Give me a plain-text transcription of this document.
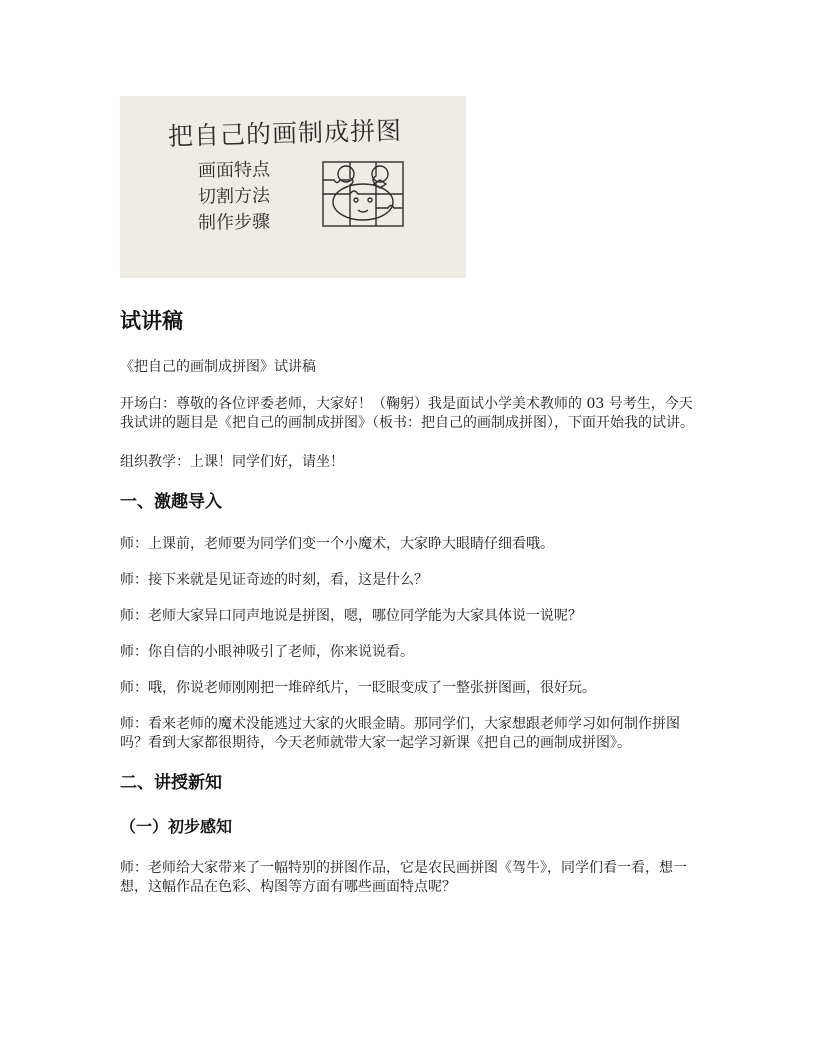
把自己的画制成拼图
画面特点
切割方法
制作步骤
试讲稿

《把自己的画制成拼图》试讲稿

开场白：尊敬的各位评委老师，大家好！（鞠躬）我是面试小学美术教师的 03 号考生，今天我试讲的题目是《把自己的画制成拼图》（板书：把自己的画制成拼图），下面开始我的试讲。

组织教学：上课！同学们好，请坐！

一、激趣导入

师：上课前，老师要为同学们变一个小魔术，大家睁大眼睛仔细看哦。

师：接下来就是见证奇迹的时刻，看，这是什么？

师：老师大家异口同声地说是拼图，嗯，哪位同学能为大家具体说一说呢？

师：你自信的小眼神吸引了老师，你来说说看。

师：哦，你说老师刚刚把一堆碎纸片，一眨眼变成了一整张拼图画，很好玩。

师：看来老师的魔术没能逃过大家的火眼金睛。那同学们，大家想跟老师学习如何制作拼图吗？看到大家都很期待，今天老师就带大家一起学习新课《把自己的画制成拼图》。

二、讲授新知
（一）初步感知

师：老师给大家带来了一幅特别的拼图作品，它是农民画拼图《驾牛》，同学们看一看，想一想，这幅作品在色彩、构图等方面有哪些画面特点呢？
